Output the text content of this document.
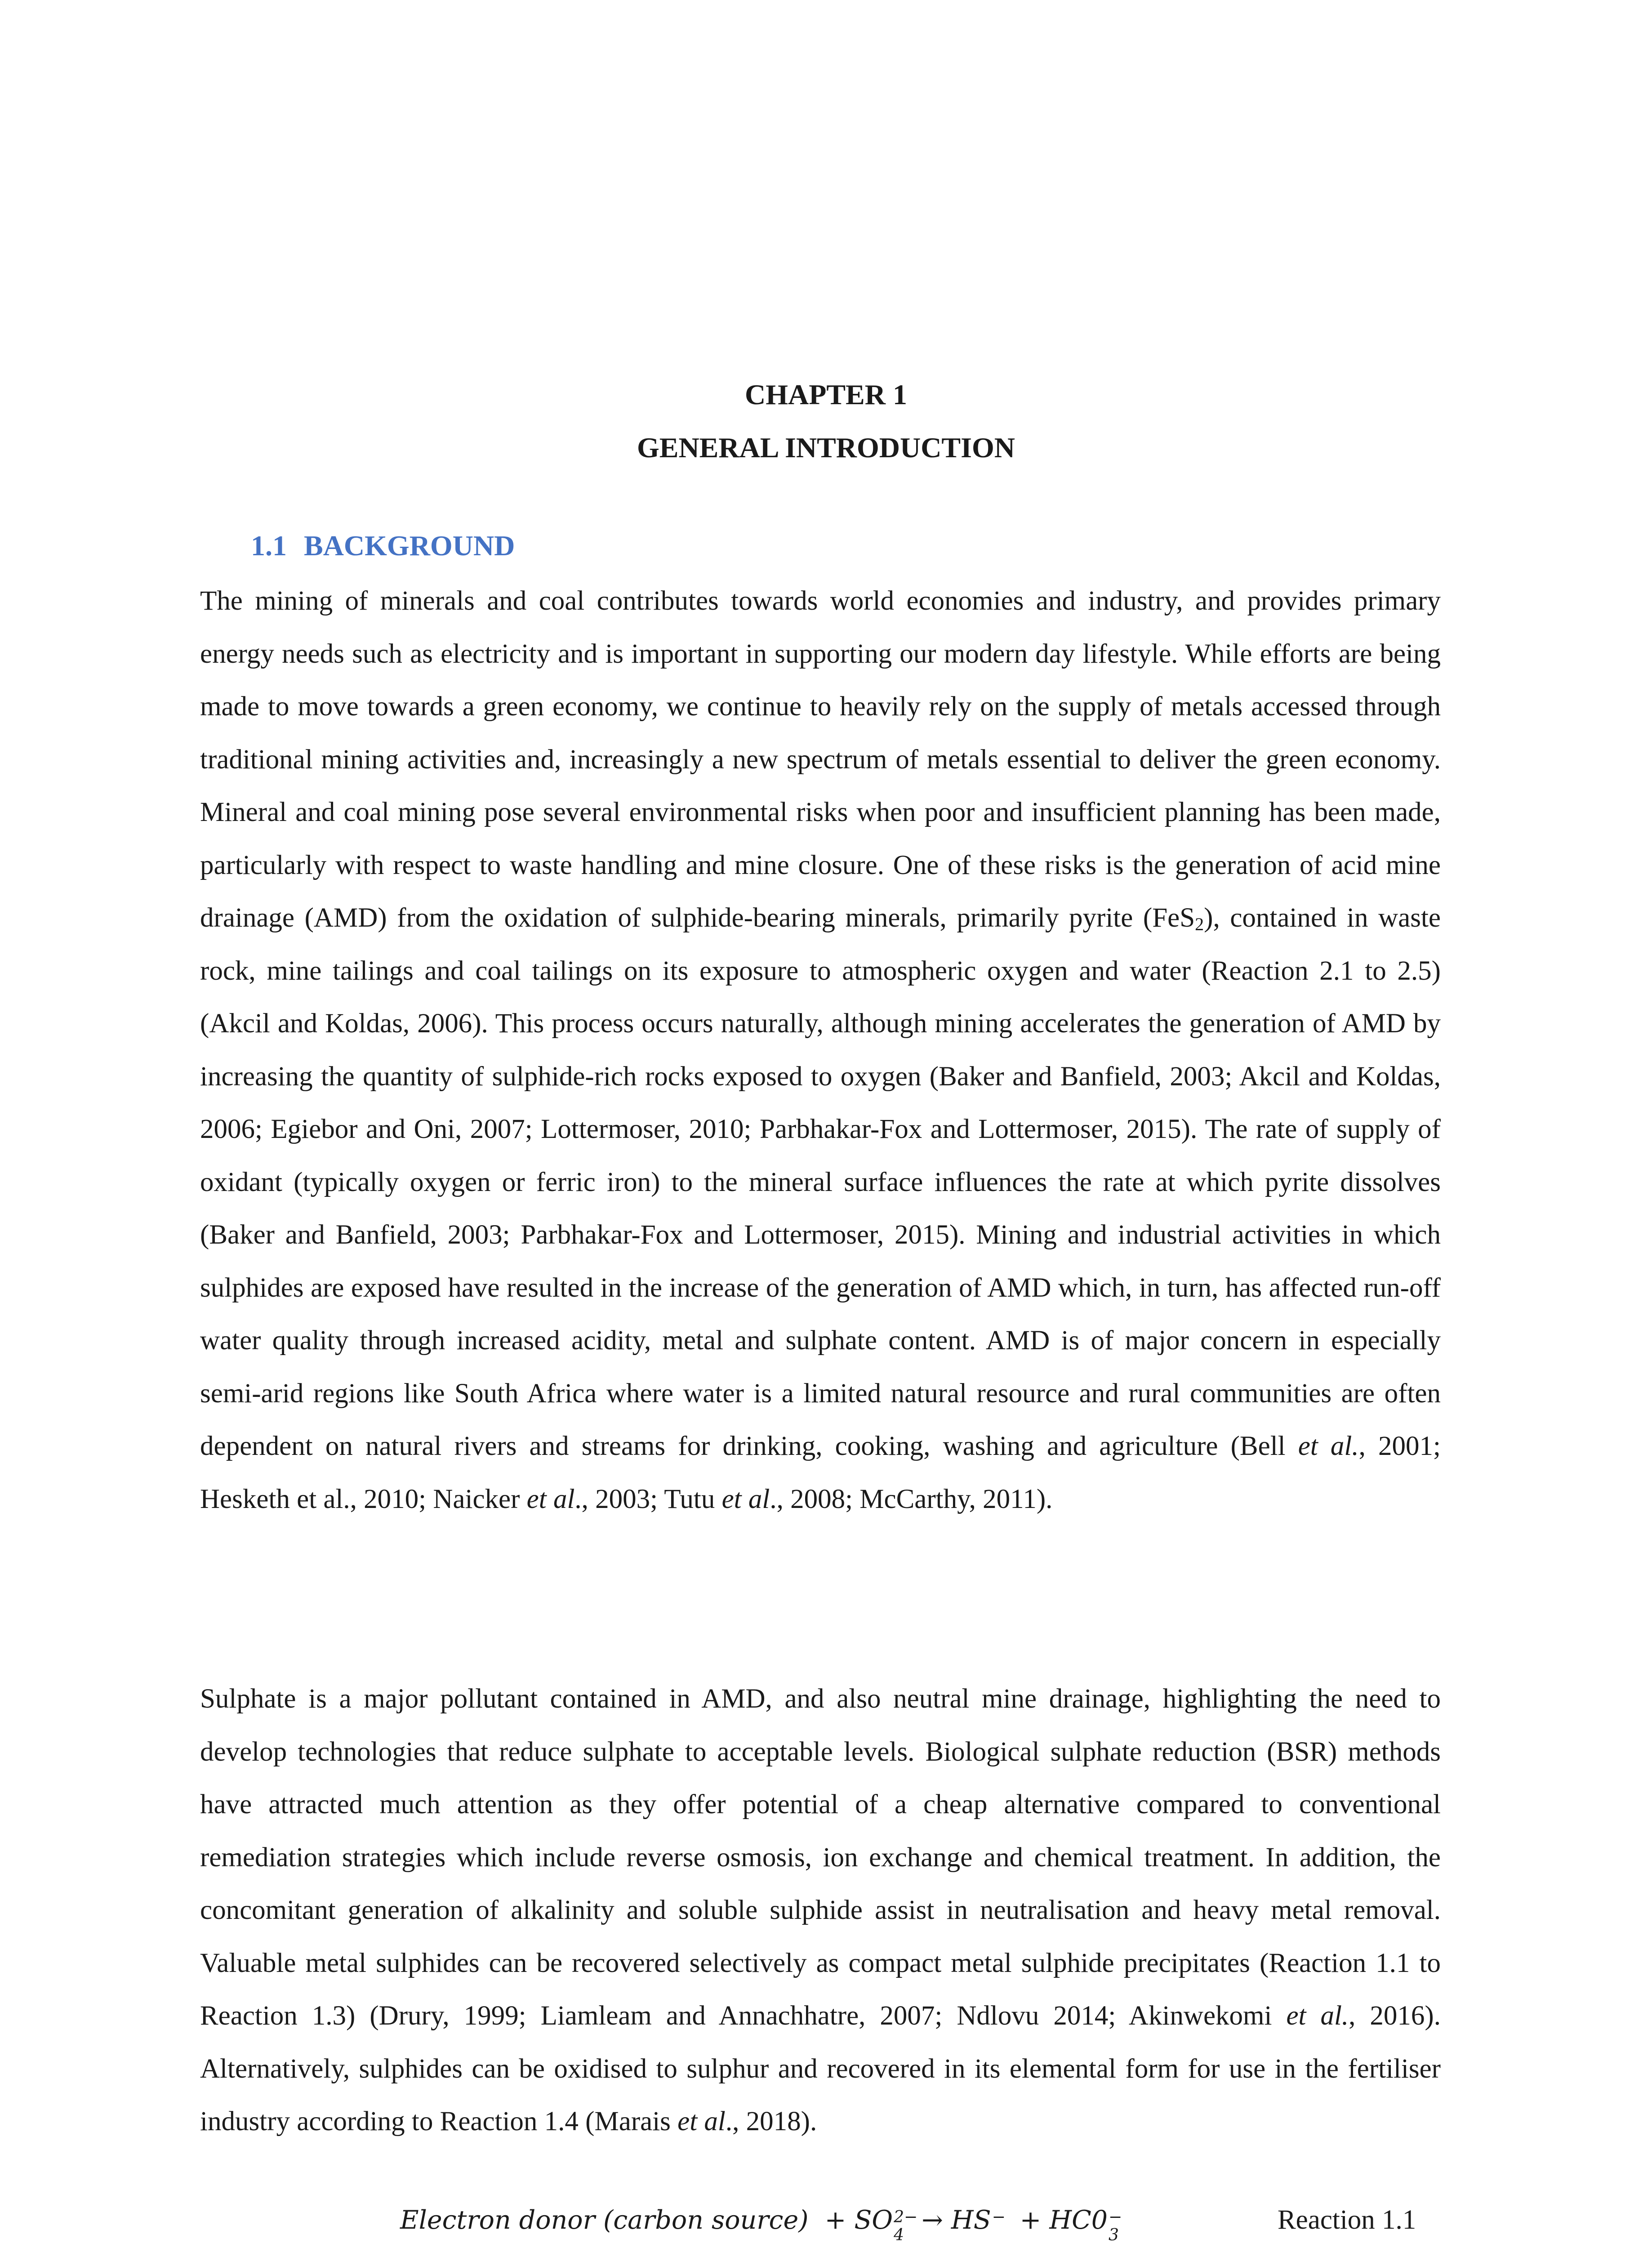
CHAPTER 1
GENERAL INTRODUCTION
1.1 BACKGROUND

The mining of minerals and coal contributes towards world economies and industry, and provides primary energy needs such as electricity and is important in supporting our modern day lifestyle. While efforts are being made to move towards a green economy, we continue to heavily rely on the supply of metals accessed through traditional mining activities and, increasingly a new spectrum of metals essential to deliver the green economy. Mineral and coal mining pose several environmental risks when poor and insufficient planning has been made, particularly with respect to waste handling and mine closure. One of these risks is the generation of acid mine drainage (AMD) from the oxidation of sulphide-bearing minerals, primarily pyrite (FeS$_2$), contained in waste rock, mine tailings and coal tailings on its exposure to atmospheric oxygen and water (Reaction 2.1 to 2.5) (Akcil and Koldas, 2006). This process occurs naturally, although mining accelerates the generation of AMD by increasing the quantity of sulphide-rich rocks exposed to oxygen (Baker and Banfield, 2003; Akcil and Koldas, 2006; Egiebor and Oni, 2007; Lottermoser, 2010; Parbhakar-Fox and Lottermoser, 2015). The rate of supply of oxidant (typically oxygen or ferric iron) to the mineral surface influences the rate at which pyrite dissolves (Baker and Banfield, 2003; Parbhakar-Fox and Lottermoser, 2015). Mining and industrial activities in which sulphides are exposed have resulted in the increase of the generation of AMD which, in turn, has affected run-off water quality through increased acidity, metal and sulphate content. AMD is of major concern in especially semi-arid regions like South Africa where water is a limited natural resource and rural communities are often dependent on natural rivers and streams for drinking, cooking, washing and agriculture (Bell et al., 2001; Hesketh et al., 2010; Naicker et al., 2003; Tutu et al., 2008; McCarthy, 2011).

Sulphate is a major pollutant contained in AMD, and also neutral mine drainage, highlighting the need to develop technologies that reduce sulphate to acceptable levels. Biological sulphate reduction (BSR) methods have attracted much attention as they offer potential of a cheap alternative compared to conventional remediation strategies which include reverse osmosis, ion exchange and chemical treatment. In addition, the concomitant generation of alkalinity and soluble sulphide assist in neutralisation and heavy metal removal. Valuable metal sulphides can be recovered selectively as compact metal sulphide precipitates (Reaction 1.1 to Reaction 1.3) (Drury, 1999; Liamleam and Annachhatre, 2007; Ndlovu 2014; Akinwekomi et al., 2016). Alternatively, sulphides can be oxidised to sulphur and recovered in its elemental form for use in the fertiliser industry according to Reaction 1.4 (Marais et al., 2018).

Electron donor (carbon source) + SO 2−
4
→ HS − + HC0 −
3
Reaction 1.1
